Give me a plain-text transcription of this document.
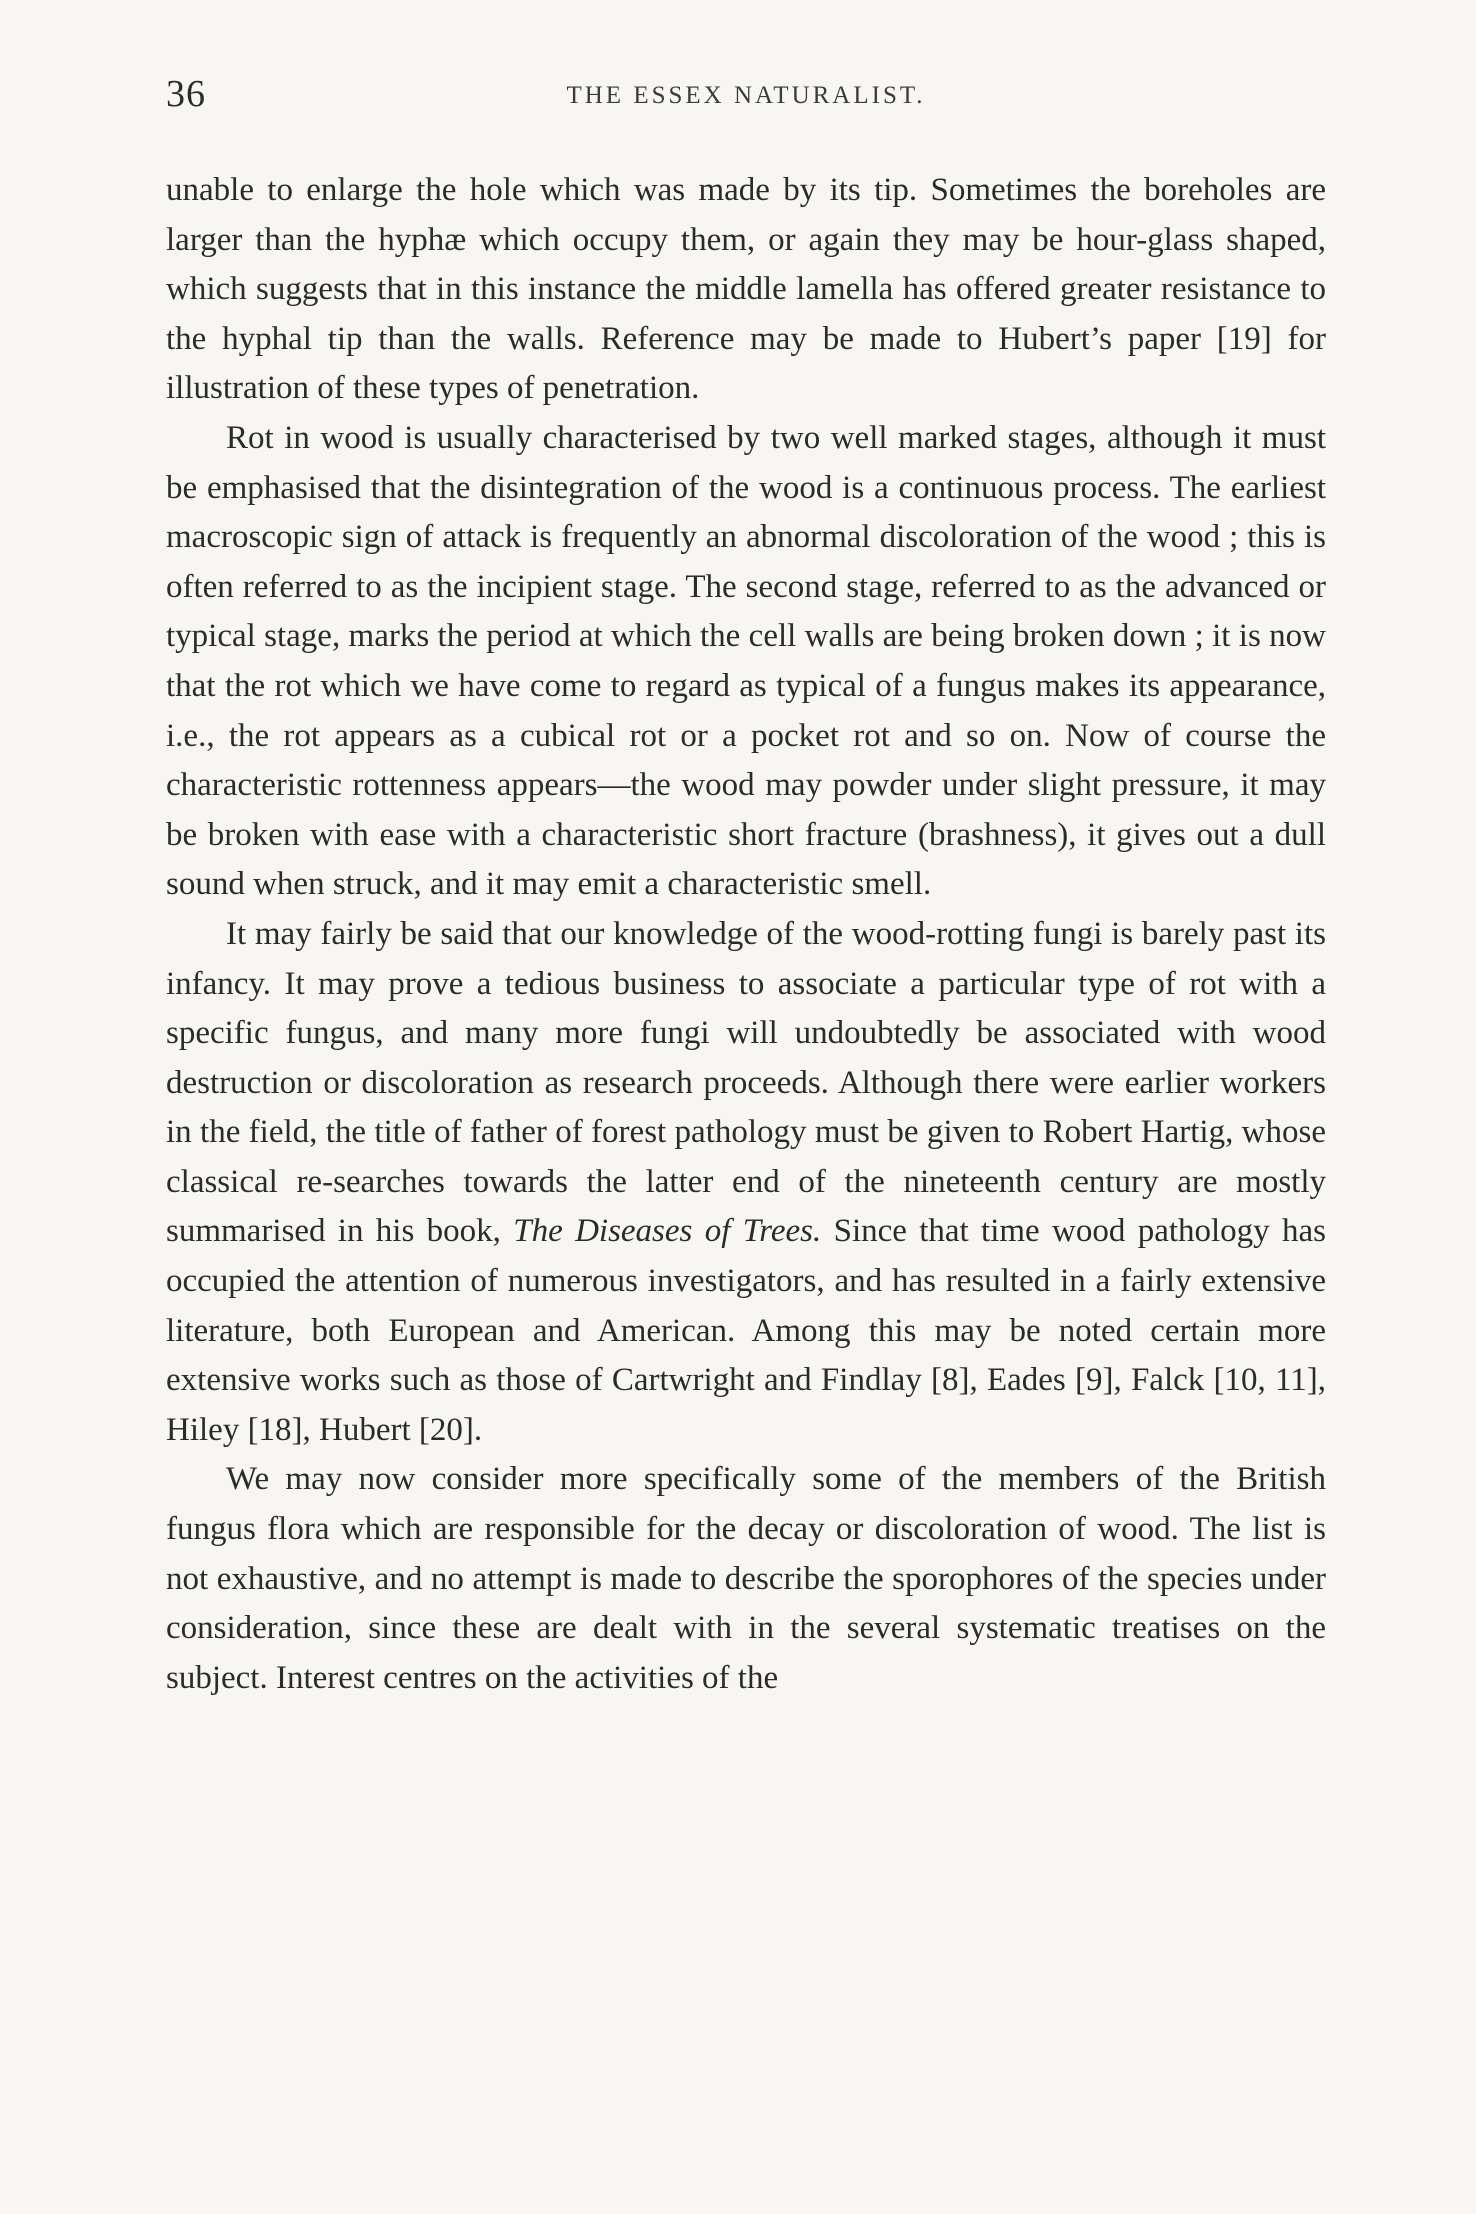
36	THE ESSEX NATURALIST.

unable to enlarge the hole which was made by its tip. Sometimes the boreholes are larger than the hyphæ which occupy them, or again they may be hour-glass shaped, which suggests that in this instance the middle lamella has offered greater resistance to the hyphal tip than the walls. Reference may be made to Hubert’s paper [19] for illustration of these types of penetration.

Rot in wood is usually characterised by two well marked stages, although it must be emphasised that the disintegration of the wood is a continuous process. The earliest macroscopic sign of attack is frequently an abnormal discoloration of the wood ; this is often referred to as the incipient stage. The second stage, referred to as the advanced or typical stage, marks the period at which the cell walls are being broken down ; it is now that the rot which we have come to regard as typical of a fungus makes its appearance, i.e., the rot appears as a cubical rot or a pocket rot and so on. Now of course the characteristic rottenness appears—the wood may powder under slight pressure, it may be broken with ease with a characteristic short fracture (brashness), it gives out a dull sound when struck, and it may emit a characteristic smell.

It may fairly be said that our knowledge of the wood-rotting fungi is barely past its infancy. It may prove a tedious business to associate a particular type of rot with a specific fungus, and many more fungi will undoubtedly be associated with wood destruction or discoloration as research proceeds. Although there were earlier workers in the field, the title of father of forest pathology must be given to Robert Hartig, whose classical re-searches towards the latter end of the nineteenth century are mostly summarised in his book, The Diseases of Trees. Since that time wood pathology has occupied the attention of numerous investigators, and has resulted in a fairly extensive literature, both European and American. Among this may be noted certain more extensive works such as those of Cartwright and Findlay [8], Eades [9], Falck [10, 11], Hiley [18], Hubert [20].

We may now consider more specifically some of the members of the British fungus flora which are responsible for the decay or discoloration of wood. The list is not exhaustive, and no attempt is made to describe the sporophores of the species under consideration, since these are dealt with in the several systematic treatises on the subject. Interest centres on the activities of the
